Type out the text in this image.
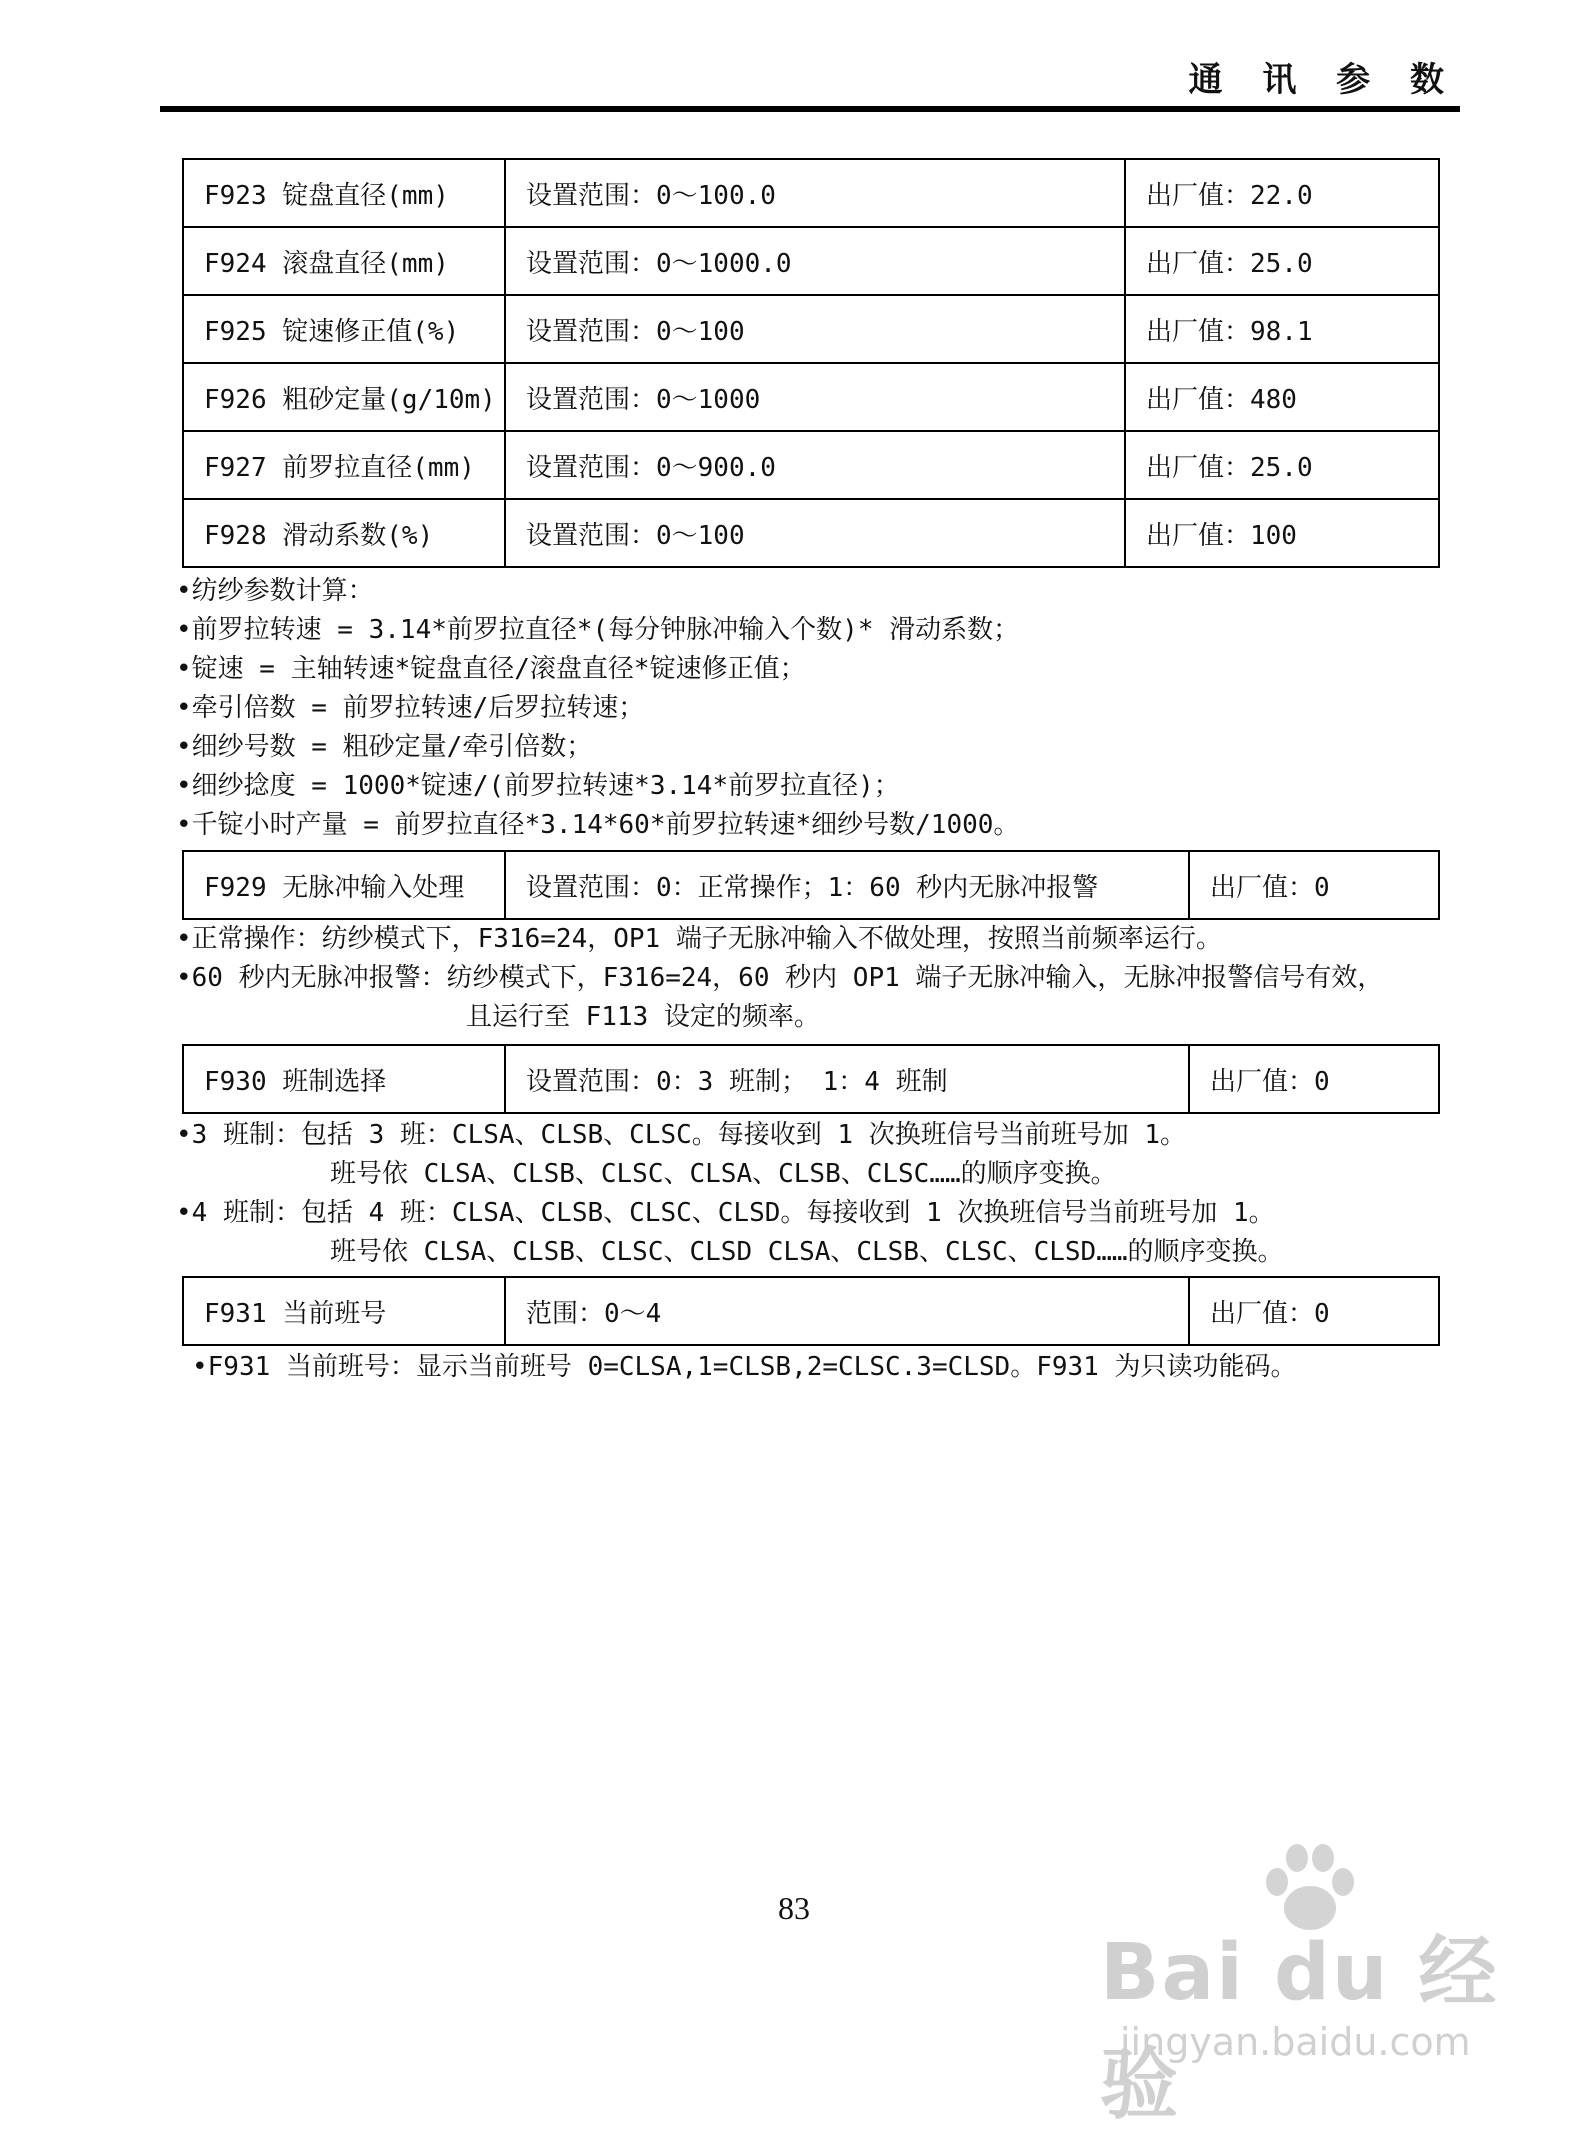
通 讯 参 数
F923 锭盘直径(mm)	设置范围：0～100.0	出厂值：22.0
F924 滚盘直径(mm)	设置范围：0～1000.0	出厂值：25.0
F925 锭速修正值(%)	设置范围：0～100	出厂值：98.1
F926 粗砂定量(g/10m)	设置范围：0～1000	出厂值：480
F927 前罗拉直径(mm)	设置范围：0～900.0	出厂值：25.0
F928 滑动系数(%)	设置范围：0～100	出厂值：100
•纺纱参数计算：
•前罗拉转速 = 3.14*前罗拉直径*(每分钟脉冲输入个数)* 滑动系数；
•锭速 = 主轴转速*锭盘直径/滚盘直径*锭速修正值；
•牵引倍数 = 前罗拉转速/后罗拉转速；
•细纱号数 = 粗砂定量/牵引倍数；
•细纱捻度 = 1000*锭速/(前罗拉转速*3.14*前罗拉直径)；
•千锭小时产量 = 前罗拉直径*3.14*60*前罗拉转速*细纱号数/1000。
F929 无脉冲输入处理	设置范围：0：正常操作；1：60 秒内无脉冲报警	出厂值：0
•正常操作：纺纱模式下，F316=24，OP1 端子无脉冲输入不做处理，按照当前频率运行。
•60 秒内无脉冲报警：纺纱模式下，F316=24，60 秒内 OP1 端子无脉冲输入，无脉冲报警信号有效，
且运行至 F113 设定的频率。
F930 班制选择	设置范围：0：3 班制； 1：4 班制	出厂值：0
•3 班制：包括 3 班：CLSA、CLSB、CLSC。每接收到 1 次换班信号当前班号加 1。
班号依 CLSA、CLSB、CLSC、CLSA、CLSB、CLSC……的顺序变换。
•4 班制：包括 4 班：CLSA、CLSB、CLSC、CLSD。每接收到 1 次换班信号当前班号加 1。
班号依 CLSA、CLSB、CLSC、CLSD CLSA、CLSB、CLSC、CLSD……的顺序变换。
F931 当前班号	范围：0～4	出厂值：0
•F931 当前班号：显示当前班号 0=CLSA,1=CLSB,2=CLSC.3=CLSD。F931 为只读功能码。
83
Bai du 经验
jingyan.baidu.com
